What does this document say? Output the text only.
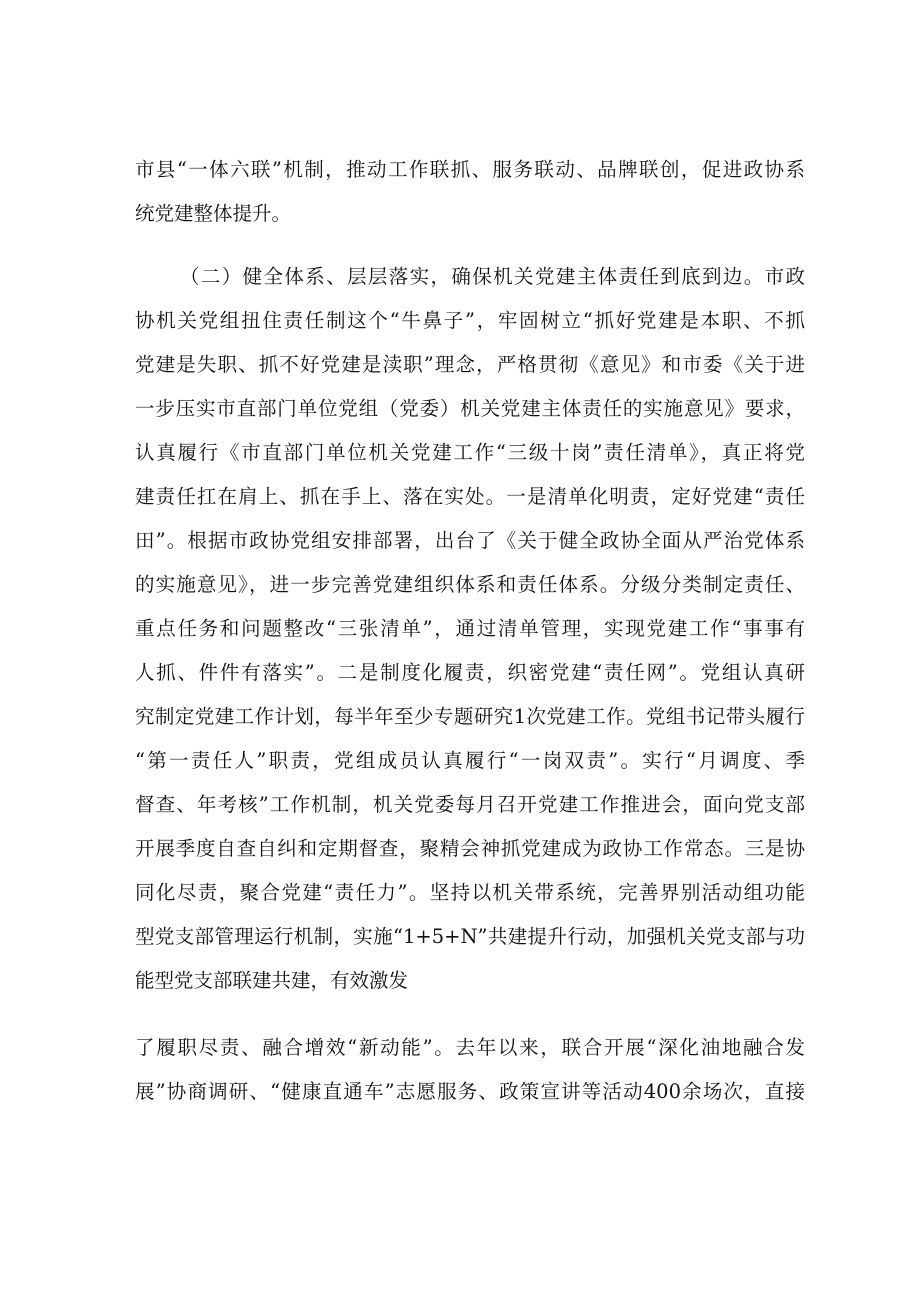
市县“一体六联”机制，推动工作联抓、服务联动、品牌联创，促进政协系
统党建整体提升。
（二）健全体系、层层落实，确保机关党建主体责任到底到边。市政
协机关党组扭住责任制这个“牛鼻子”，牢固树立“抓好党建是本职、不抓
党建是失职、抓不好党建是渎职”理念，严格贯彻《意见》和市委《关于进
一步压实市直部门单位党组（党委）机关党建主体责任的实施意见》要求，
认真履行《市直部门单位机关党建工作“三级十岗”责任清单》，真正将党
建责任扛在肩上、抓在手上、落在实处。一是清单化明责，定好党建“责任
田”。根据市政协党组安排部署，出台了《关于健全政协全面从严治党体系
的实施意见》，进一步完善党建组织体系和责任体系。分级分类制定责任、
重点任务和问题整改“三张清单”，通过清单管理，实现党建工作“事事有
人抓、件件有落实”。二是制度化履责，织密党建“责任网”。党组认真研
究制定党建工作计划，每半年至少专题研究1次党建工作。党组书记带头履行
“第一责任人”职责，党组成员认真履行“一岗双责”。实行“月调度、季
督查、年考核”工作机制，机关党委每月召开党建工作推进会，面向党支部
开展季度自查自纠和定期督查，聚精会神抓党建成为政协工作常态。三是协
同化尽责，聚合党建“责任力”。坚持以机关带系统，完善界别活动组功能
型党支部管理运行机制，实施“1+5+N”共建提升行动，加强机关党支部与功
能型党支部联建共建，有效激发
了履职尽责、融合增效“新动能”。去年以来，联合开展“深化油地融合发
展”协商调研、“健康直通车”志愿服务、政策宣讲等活动400余场次，直接
